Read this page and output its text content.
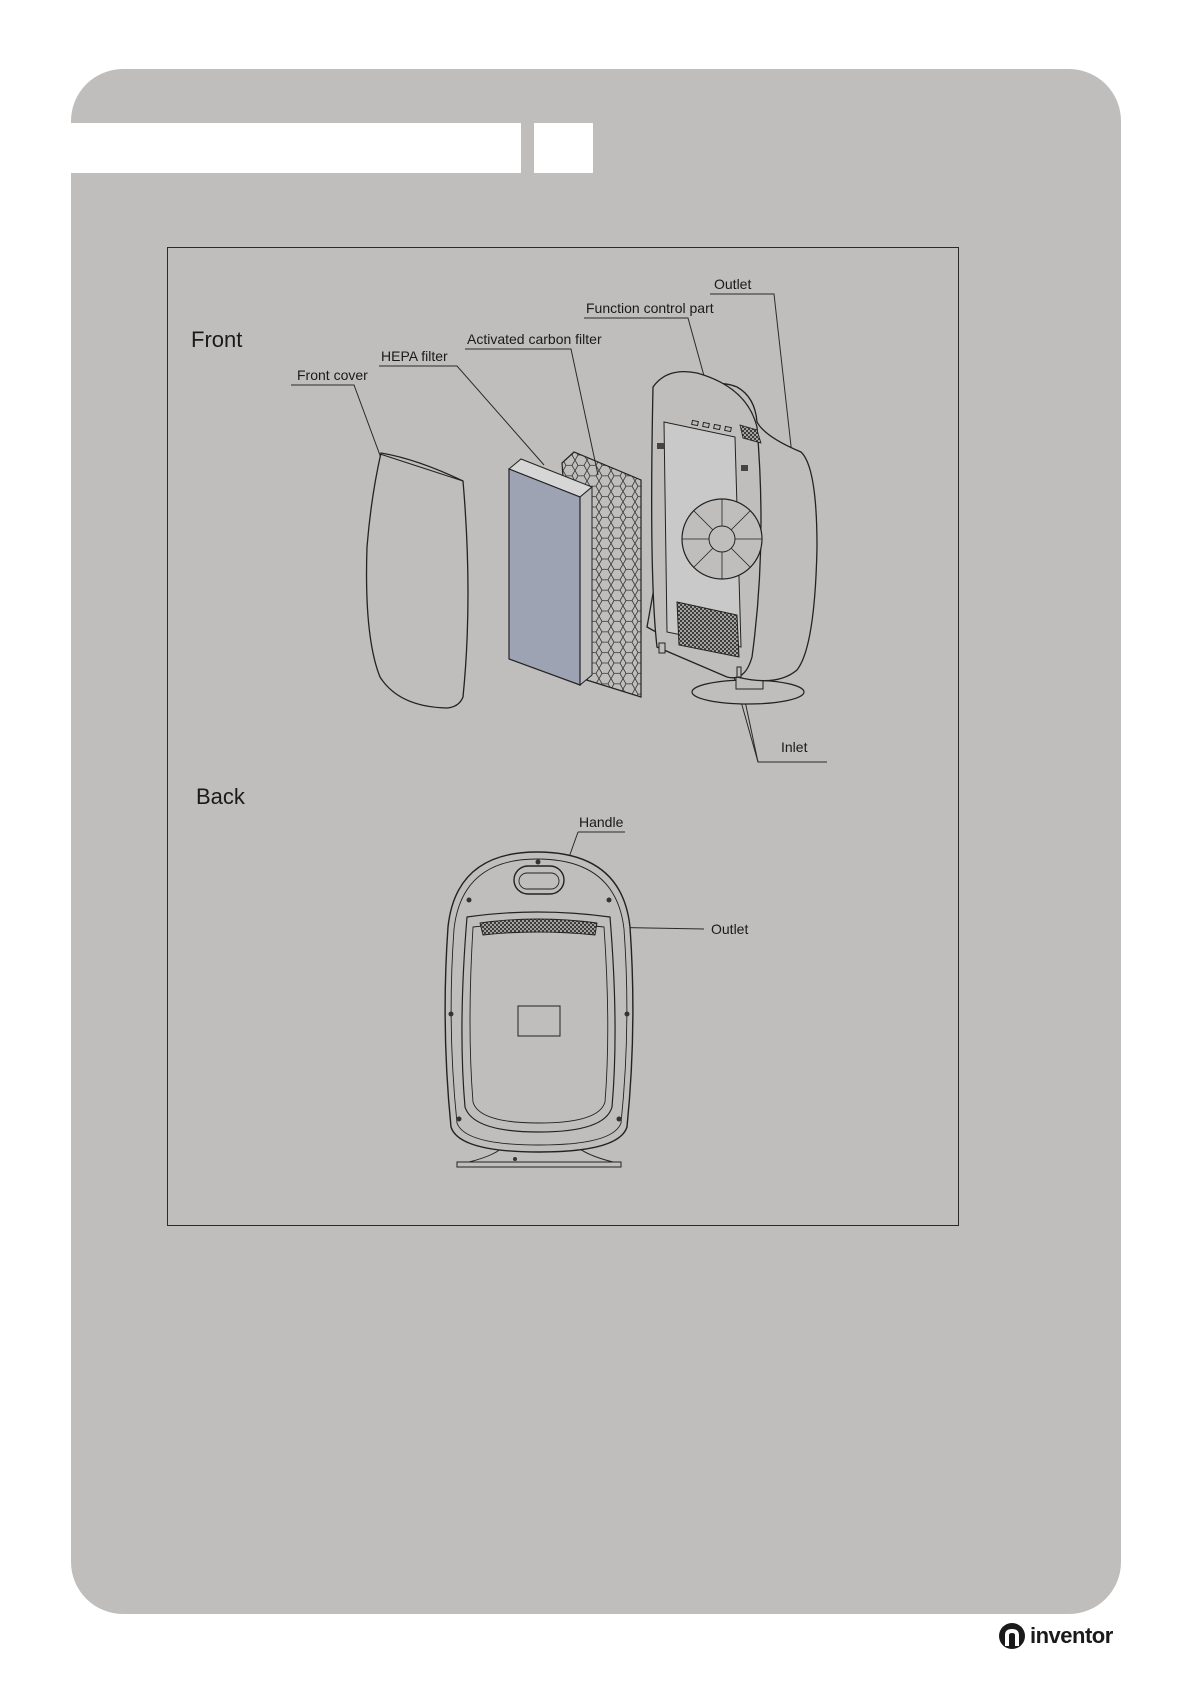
Front
Back
Outlet
Function control part
Activated carbon filter
HEPA filter
Front cover
Inlet
Handle
Outlet
inventor
